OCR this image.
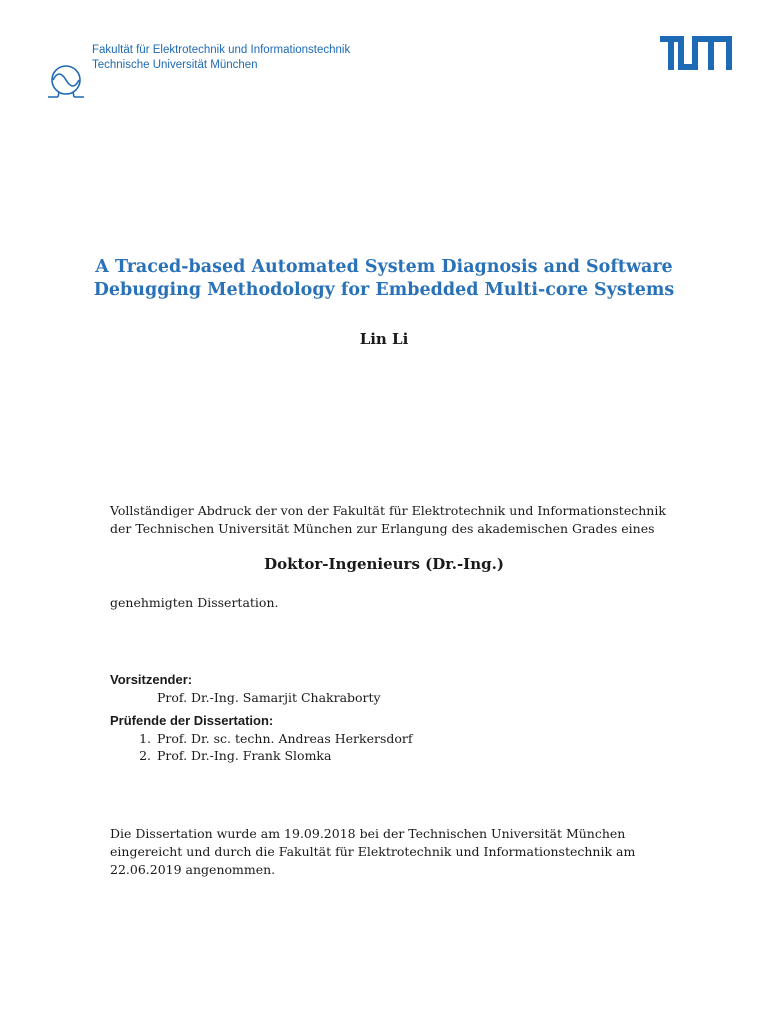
Fakultät für Elektrotechnik und Informationstechnik
Technische Universität München
A Traced-based Automated System Diagnosis and Software
Debugging Methodology for Embedded Multi-core Systems
Lin Li
Vollständiger Abdruck der von der Fakultät für Elektrotechnik und Informationstechnik
der Technischen Universität München zur Erlangung des akademischen Grades eines
Doktor-Ingenieurs (Dr.-Ing.)
genehmigten Dissertation.
Vorsitzender:
Prof. Dr.-Ing. Samarjit Chakraborty
Prüfende der Dissertation:
1. Prof. Dr. sc. techn. Andreas Herkersdorf
2. Prof. Dr.-Ing. Frank Slomka
Die Dissertation wurde am 19.09.2018 bei der Technischen Universität München
eingereicht und durch die Fakultät für Elektrotechnik und Informationstechnik am
22.06.2019 angenommen.
